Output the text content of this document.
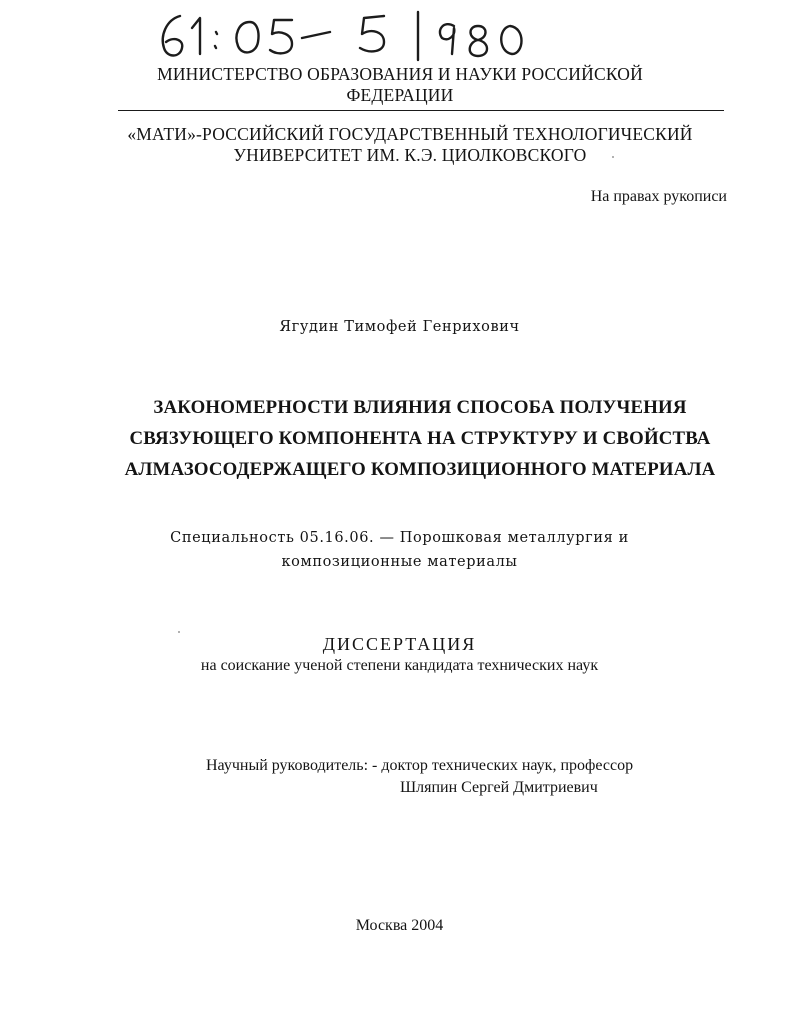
МИНИСТЕРСТВО ОБРАЗОВАНИЯ И НАУКИ РОССИЙСКОЙ
ФЕДЕРАЦИИ
«МАТИ»-РОССИЙСКИЙ ГОСУДАРСТВЕННЫЙ ТЕХНОЛОГИЧЕСКИЙ
УНИВЕРСИТЕТ ИМ. К.Э. ЦИОЛКОВСКОГО
На правах рукописи
Ягудин Тимофей Генрихович
ЗАКОНОМЕРНОСТИ ВЛИЯНИЯ СПОСОБА ПОЛУЧЕНИЯ
СВЯЗУЮЩЕГО КОМПОНЕНТА НА СТРУКТУРУ И СВОЙСТВА
АЛМАЗОСОДЕРЖАЩЕГО КОМПОЗИЦИОННОГО МАТЕРИАЛА
Специальность 05.16.06. — Порошковая металлургия и
композиционные материалы
ДИССЕРТАЦИЯ
на соискание ученой степени кандидата технических наук
Научный руководитель: - доктор технических наук, профессор
Шляпин Сергей Дмитриевич
Москва 2004
